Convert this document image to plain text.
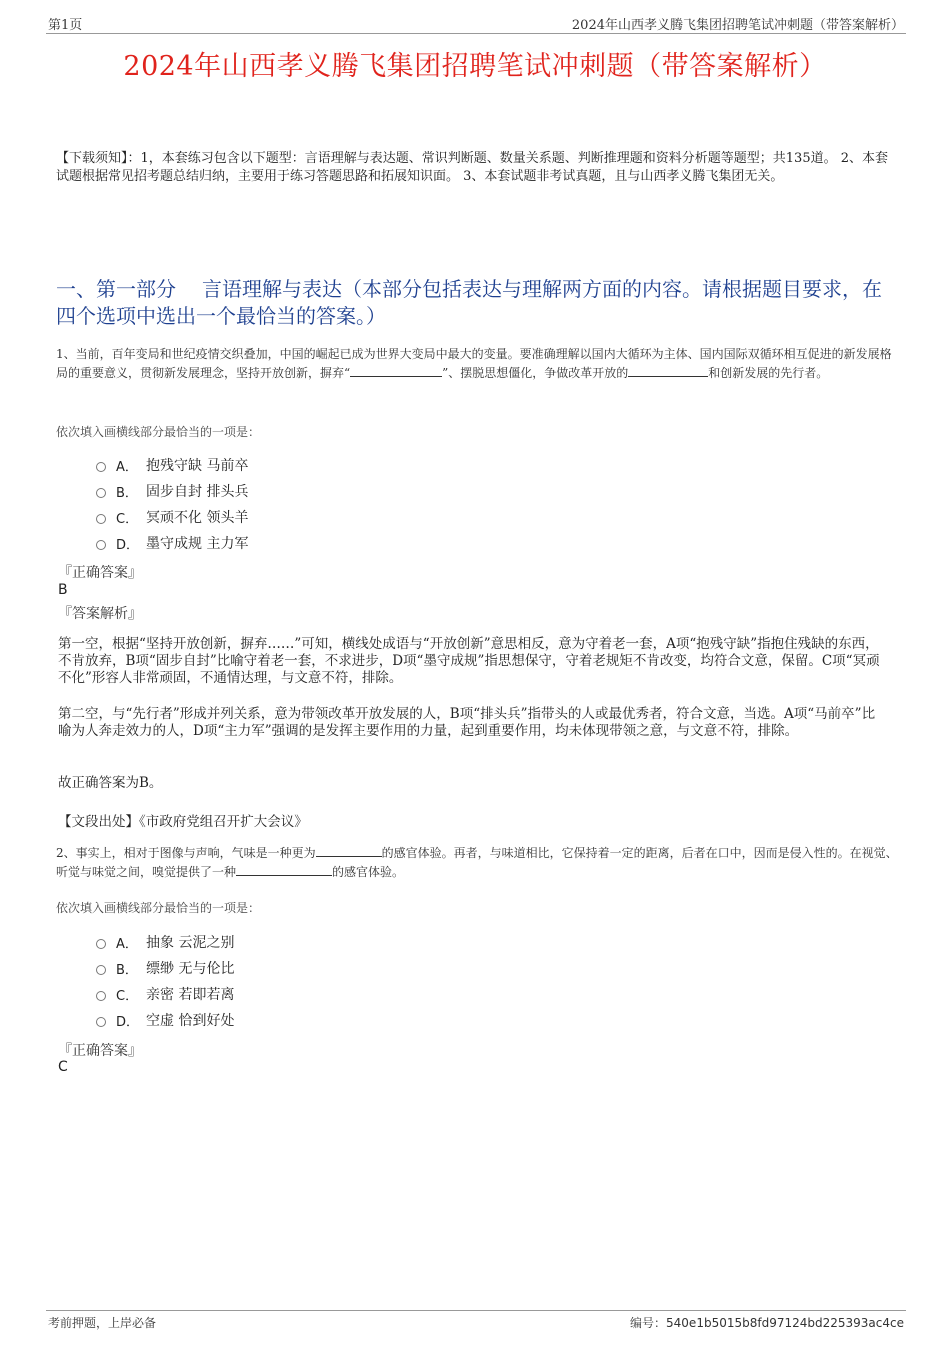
第1页	2024年山西孝义腾飞集团招聘笔试冲刺题（带答案解析）
2024年山西孝义腾飞集团招聘笔试冲刺题（带答案解析）
【下载须知】：1，本套练习包含以下题型：言语理解与表达题、常识判断题、数量关系题、判断推理题和资料分析题等题型；共135道。 2、本套试题根据常见招考题总结归纳，主要用于练习答题思路和拓展知识面。 3、本套试题非考试真题，且与山西孝义腾飞集团无关。
一、第一部分 言语理解与表达（本部分包括表达与理解两方面的内容。请根据题目要求，在四个选项中选出一个最恰当的答案。）
1、当前，百年变局和世纪疫情交织叠加，中国的崛起已成为世界大变局中最大的变量。要准确理解以国内大循环为主体、国内国际双循环相互促进的新发展格局的重要意义，贯彻新发展理念，坚持开放创新，摒弃“	”、摆脱思想僵化，争做改革开放的	和创新发展的先行者。
依次填入画横线部分最恰当的一项是：
A． 抱残守缺 马前卒
B． 固步自封 排头兵
C． 冥顽不化 领头羊
D． 墨守成规 主力军
『正确答案』
B
『答案解析』
第一空，根据“坚持开放创新，摒弃……”可知，横线处成语与“开放创新”意思相反，意为守着老一套，A项“抱残守缺”指抱住残缺的东西，不肯放弃，B项“固步自封”比喻守着老一套，不求进步，D项“墨守成规”指思想保守，守着老规矩不肯改变，均符合文意，保留。C项“冥顽不化”形容人非常顽固，不通情达理，与文意不符，排除。
第二空，与“先行者”形成并列关系，意为带领改革开放发展的人，B项“排头兵”指带头的人或最优秀者，符合文意，当选。A项“马前卒”比喻为人奔走效力的人，D项“主力军”强调的是发挥主要作用的力量，起到重要作用，均未体现带领之意，与文意不符，排除。
故正确答案为B。
【文段出处】《市政府党组召开扩大会议》
2、事实上，相对于图像与声响，气味是一种更为	的感官体验。再者，与味道相比，它保持着一定的距离，后者在口中，因而是侵入性的。在视觉、听觉与味觉之间，嗅觉提供了一种	的感官体验。
依次填入画横线部分最恰当的一项是：
A． 抽象 云泥之别
B． 缥缈 无与伦比
C． 亲密 若即若离
D． 空虚 恰到好处
『正确答案』
C
考前押题，上岸必备	编号：540e1b5015b8fd97124bd225393ac4ce
